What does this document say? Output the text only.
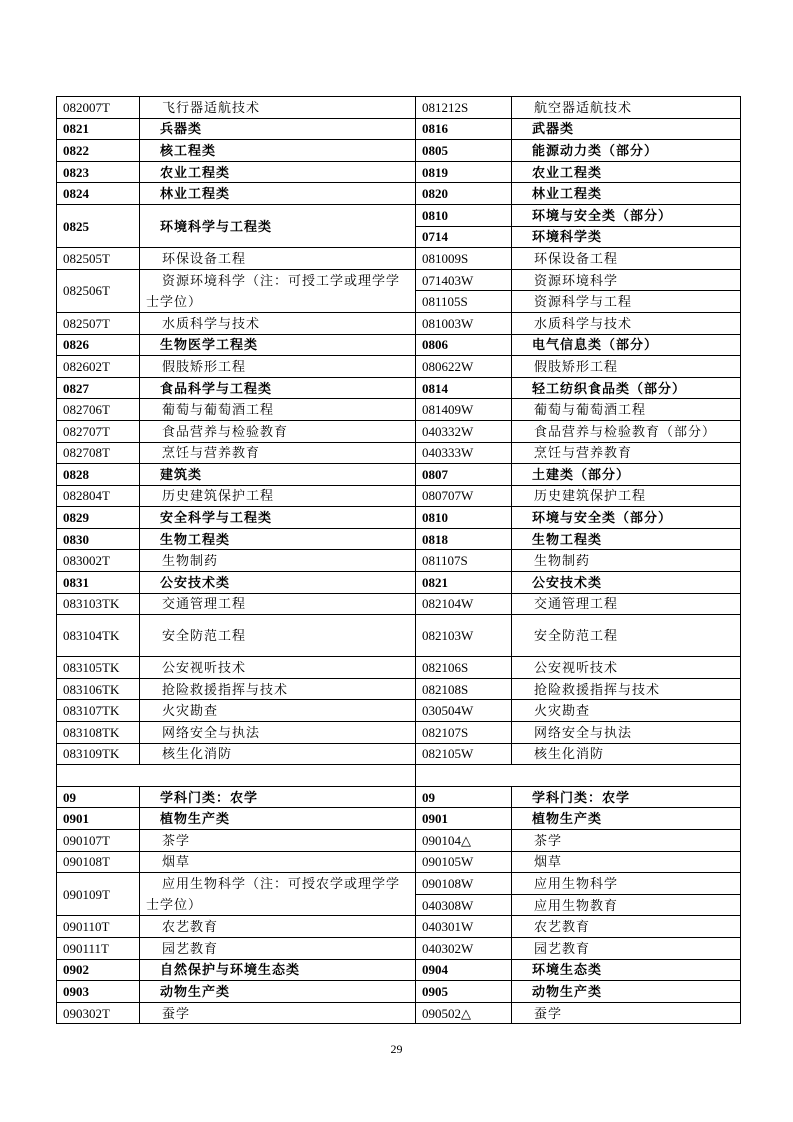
082007T	飞行器适航技术	081212S	航空器适航技术
0821	兵器类	0816	武器类
0822	核工程类	0805	能源动力类（部分）
0823	农业工程类	0819	农业工程类
0824	林业工程类	0820	林业工程类
0825	环境科学与工程类	0810	环境与安全类（部分）
		0714	环境科学类
082505T	环保设备工程	081009S	环保设备工程
082506T	资源环境科学（注：可授工学或理学学士学位）	071403W	资源环境科学
		081105S	资源科学与工程
082507T	水质科学与技术	081003W	水质科学与技术
0826	生物医学工程类	0806	电气信息类（部分）
082602T	假肢矫形工程	080622W	假肢矫形工程
0827	食品科学与工程类	0814	轻工纺织食品类（部分）
082706T	葡萄与葡萄酒工程	081409W	葡萄与葡萄酒工程
082707T	食品营养与检验教育	040332W	食品营养与检验教育（部分）
082708T	烹饪与营养教育	040333W	烹饪与营养教育
0828	建筑类	0807	土建类（部分）
082804T	历史建筑保护工程	080707W	历史建筑保护工程
0829	安全科学与工程类	0810	环境与安全类（部分）
0830	生物工程类	0818	生物工程类
083002T	生物制药	081107S	生物制药
0831	公安技术类	0821	公安技术类
083103TK	交通管理工程	082104W	交通管理工程
083104TK	安全防范工程	082103W	安全防范工程
083105TK	公安视听技术	082106S	公安视听技术
083106TK	抢险救援指挥与技术	082108S	抢险救援指挥与技术
083107TK	火灾勘查	030504W	火灾勘查
083108TK	网络安全与执法	082107S	网络安全与执法
083109TK	核生化消防	082105W	核生化消防

09	学科门类：农学	09	学科门类：农学
0901	植物生产类	0901	植物生产类
090107T	茶学	090104△	茶学
090108T	烟草	090105W	烟草
090109T	应用生物科学（注：可授农学或理学学士学位）	090108W	应用生物科学
		040308W	应用生物教育
090110T	农艺教育	040301W	农艺教育
090111T	园艺教育	040302W	园艺教育
0902	自然保护与环境生态类	0904	环境生态类
0903	动物生产类	0905	动物生产类
090302T	蚕学	090502△	蚕学
29
